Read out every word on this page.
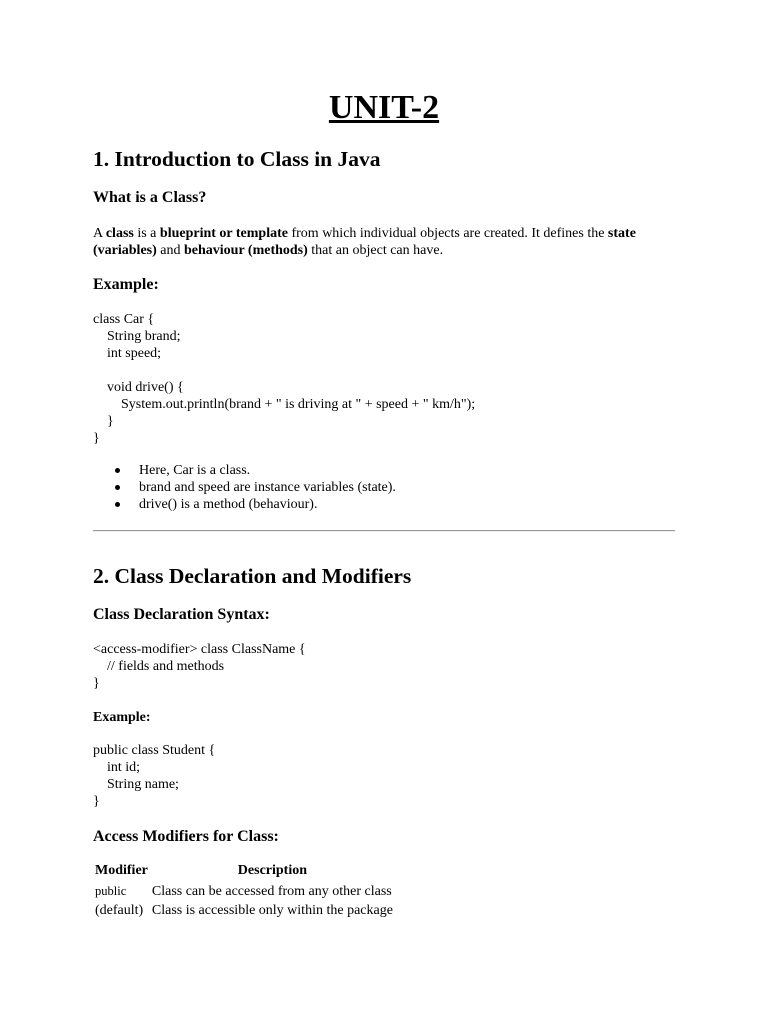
UNIT-2
1. Introduction to Class in Java
What is a Class?
A class is a blueprint or template from which individual objects are created. It defines the state (variables) and behaviour (methods) that an object can have.
Example:
class Car {
String brand;
int speed;

void drive() {
System.out.println(brand + " is driving at " + speed + " km/h");
}
}
Here, Car is a class.
brand and speed are instance variables (state).
drive() is a method (behaviour).
2. Class Declaration and Modifiers
Class Declaration Syntax:
<access-modifier> class ClassName {
// fields and methods
}
Example:
public class Student {
int id;
String name;
}
Access Modifiers for Class:
Modifier	Description
public	Class can be accessed from any other class
(default)	Class is accessible only within the package
